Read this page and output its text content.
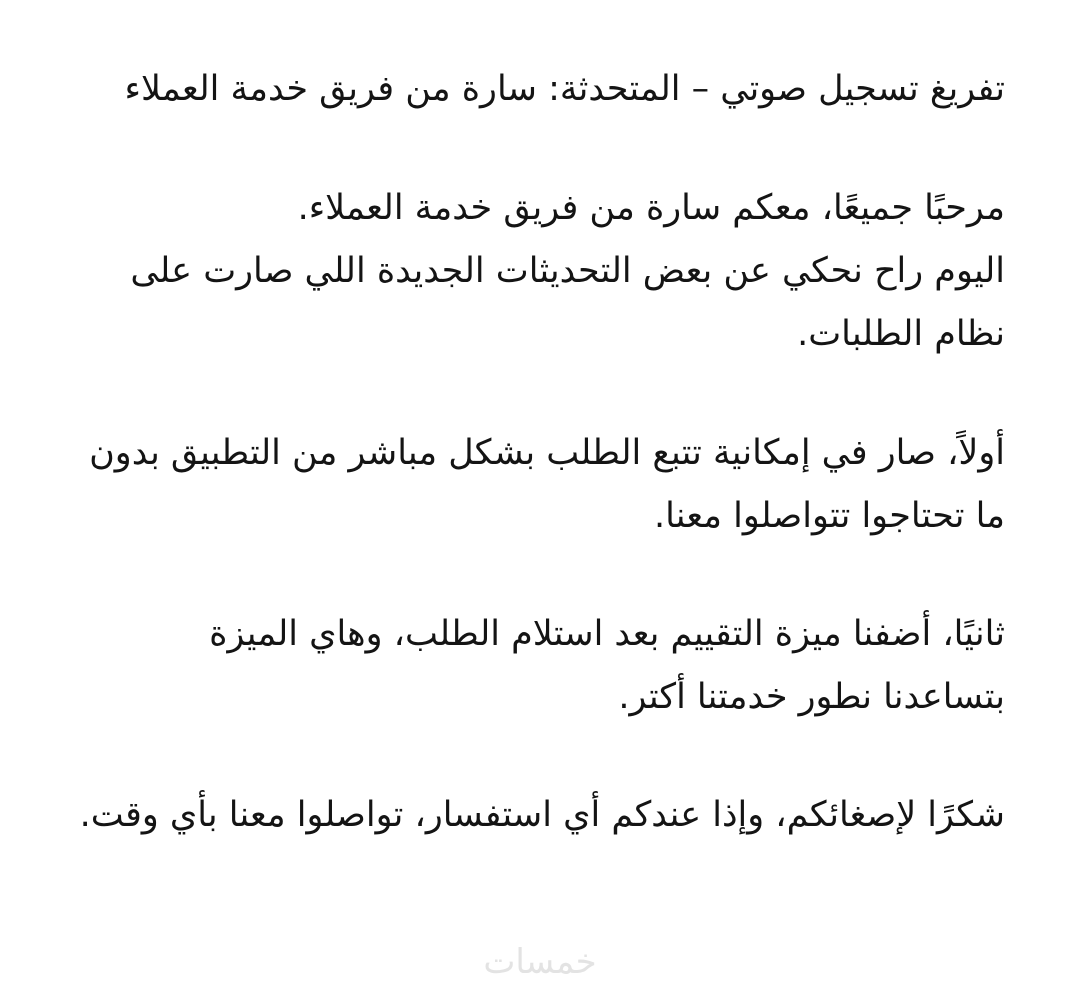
تفريغ تسجيل صوتي – المتحدثة: سارة من فريق خدمة العملاء
مرحبًا جميعًا، معكم سارة من فريق خدمة العملاء.
اليوم راح نحكي عن بعض التحديثات الجديدة اللي صارت على
نظام الطلبات.
أولاً، صار في إمكانية تتبع الطلب بشكل مباشر من التطبيق بدون
ما تحتاجوا تتواصلوا معنا.
ثانيًا، أضفنا ميزة التقييم بعد استلام الطلب، وهاي الميزة
بتساعدنا نطور خدمتنا أكتر.
شكرًا لإصغائكم، وإذا عندكم أي استفسار، تواصلوا معنا بأي وقت.
خمسات
